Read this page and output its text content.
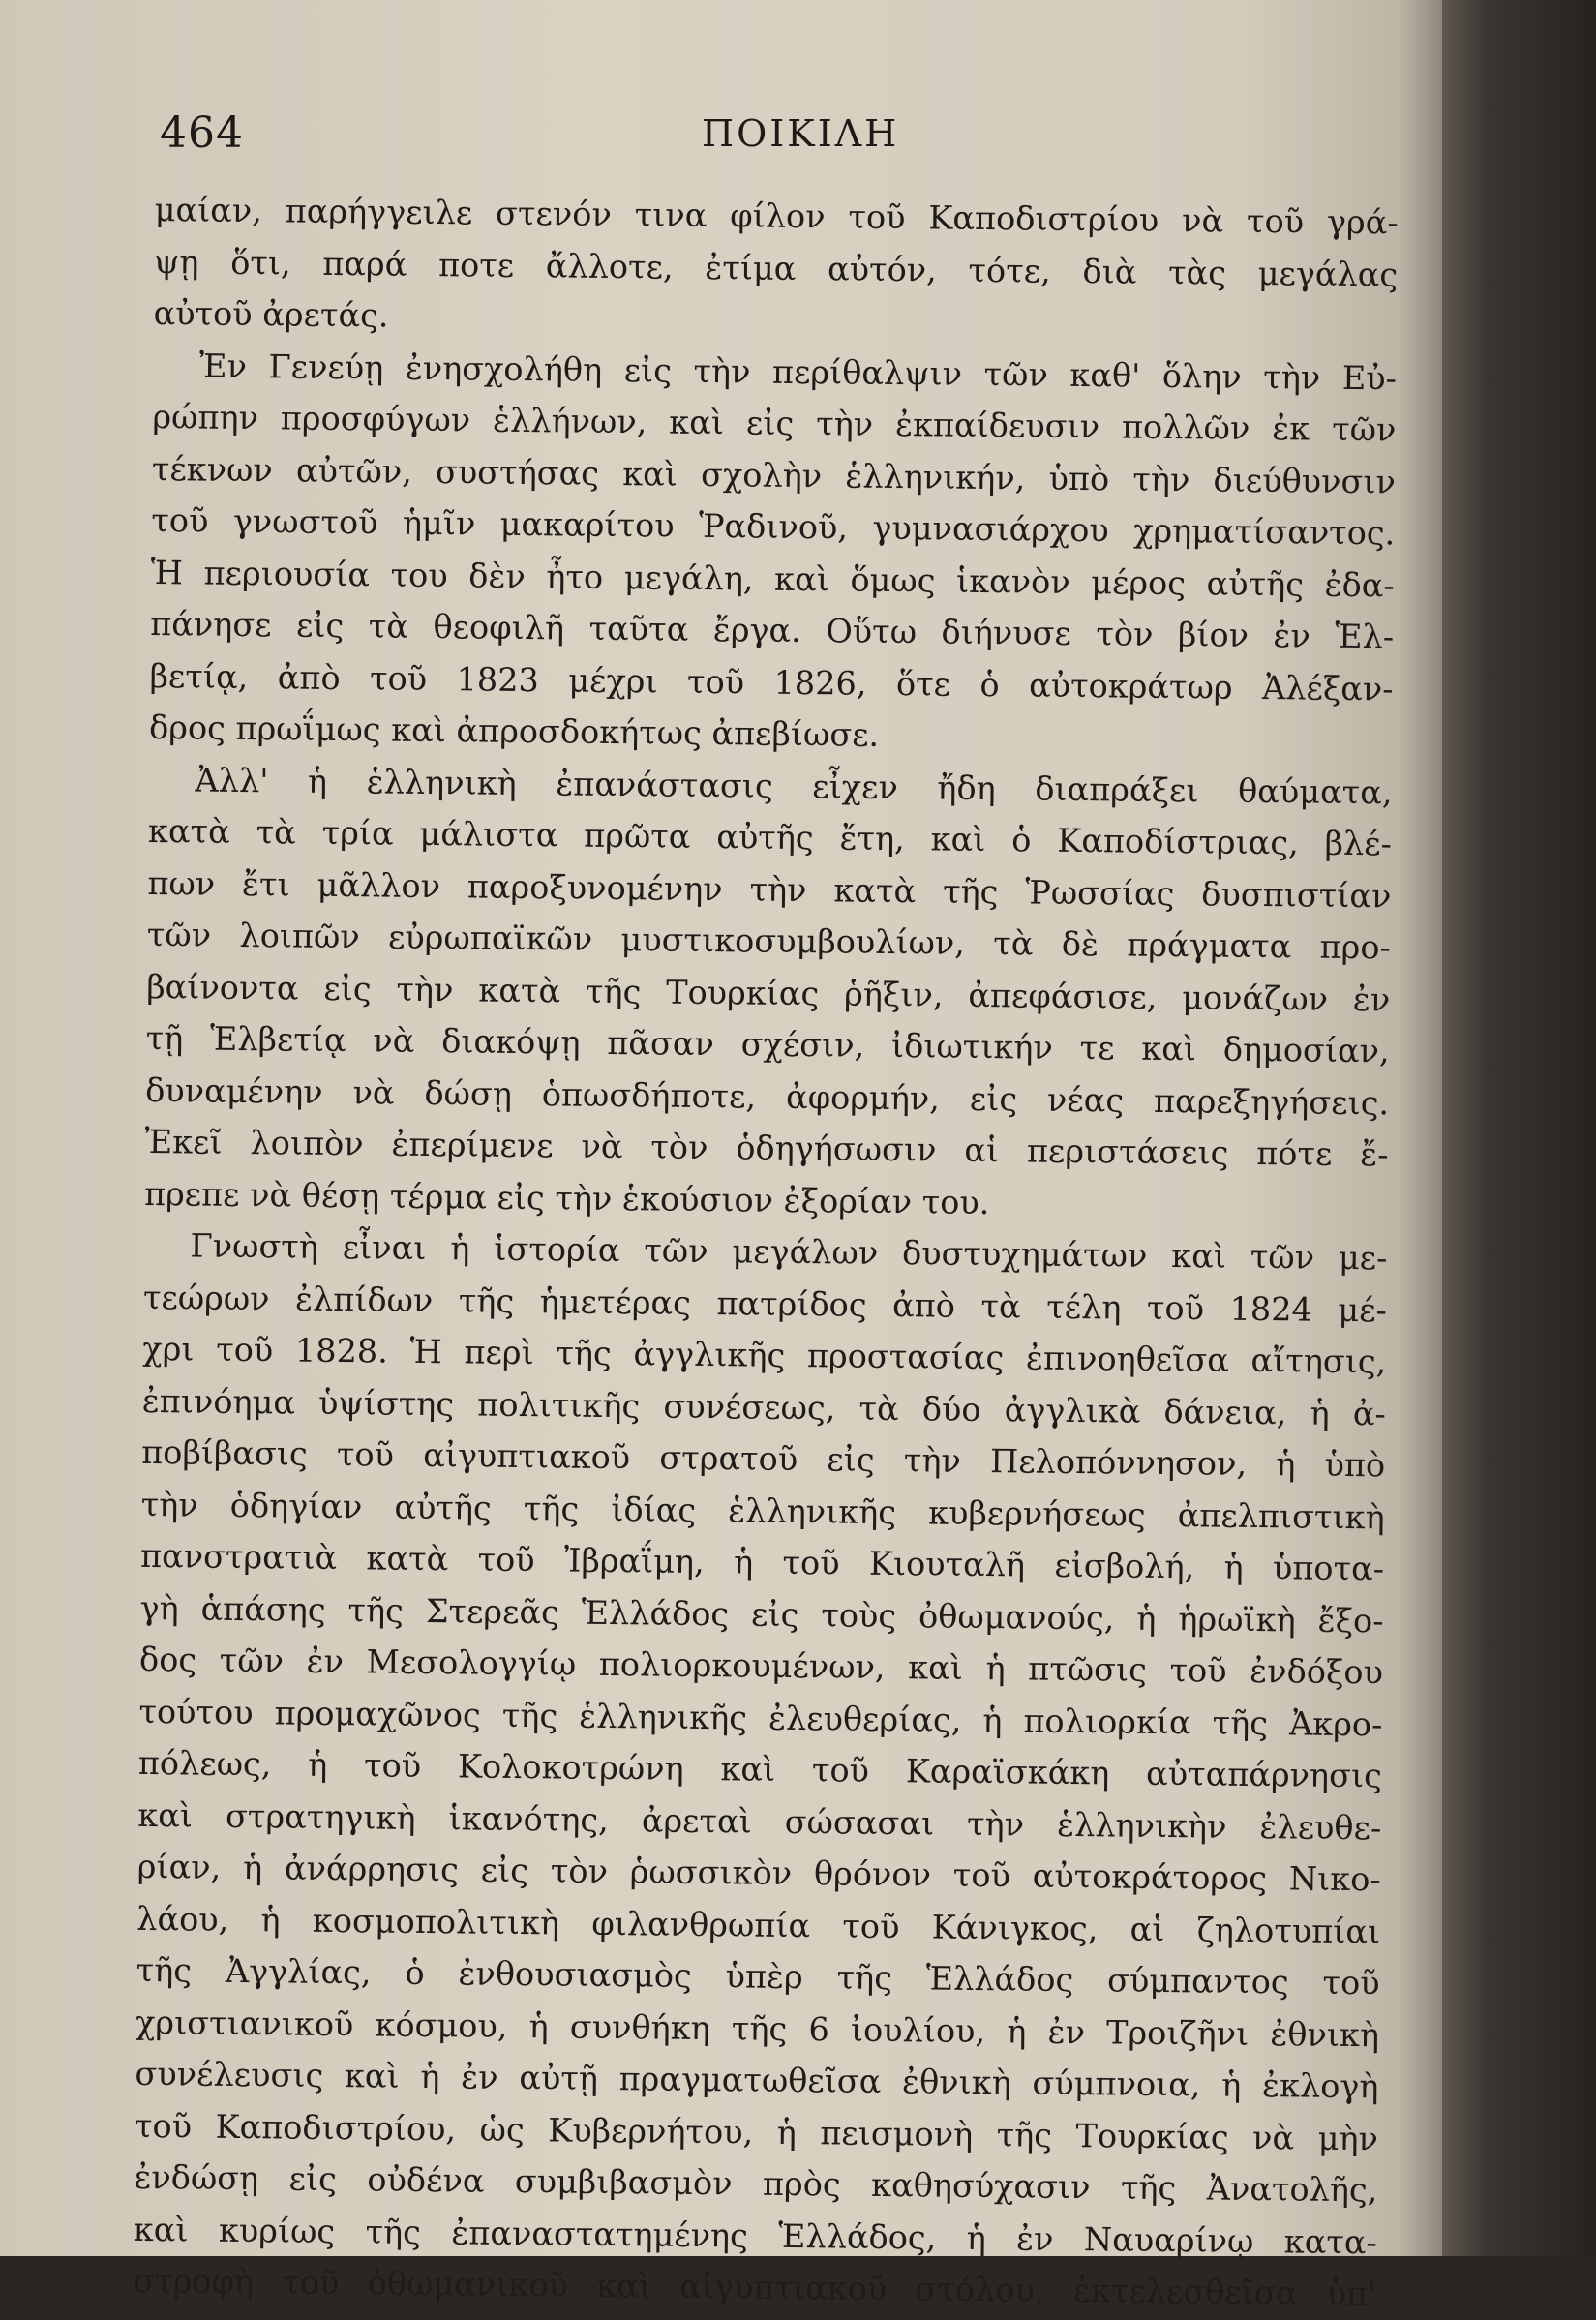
464	ΠΟΙΚΙΛΗ
μαίαν, παρήγγειλε στενόν τινα φίλον τοῦ Καποδιστρίου νὰ τοῦ γρά-
ψῃ ὅτι, παρά ποτε ἄλλοτε, ἐτίμα αὐτόν, τότε, διὰ τὰς μεγάλας
αὐτοῦ ἀρετάς.
Ἐν Γενεύῃ ἐνησχολήθη εἰς τὴν περίθαλψιν τῶν καθ' ὅλην τὴν Εὐ-
ρώπην προσφύγων ἑλλήνων, καὶ εἰς τὴν ἐκπαίδευσιν πολλῶν ἐκ τῶν
τέκνων αὐτῶν, συστήσας καὶ σχολὴν ἑλληνικήν, ὑπὸ τὴν διεύθυνσιν
τοῦ γνωστοῦ ἡμῖν μακαρίτου Ῥαδινοῦ, γυμνασιάρχου χρηματίσαντος.
Ἡ περιουσία του δὲν ἦτο μεγάλη, καὶ ὅμως ἱκανὸν μέρος αὐτῆς ἐδα-
πάνησε εἰς τὰ θεοφιλῆ ταῦτα ἔργα. Οὕτω διήνυσε τὸν βίον ἐν Ἑλ-
βετίᾳ, ἀπὸ τοῦ 1823 μέχρι τοῦ 1826, ὅτε ὁ αὐτοκράτωρ Ἀλέξαν-
δρος πρωΐμως καὶ ἀπροσδοκήτως ἀπεβίωσε.
Ἀλλ' ἡ ἑλληνικὴ ἐπανάστασις εἶχεν ἤδη διαπράξει θαύματα,
κατὰ τὰ τρία μάλιστα πρῶτα αὐτῆς ἔτη, καὶ ὁ Καποδίστριας, βλέ-
πων ἔτι μᾶλλον παροξυνομένην τὴν κατὰ τῆς Ῥωσσίας δυσπιστίαν
τῶν λοιπῶν εὐρωπαϊκῶν μυστικοσυμβουλίων, τὰ δὲ πράγματα προ-
βαίνοντα εἰς τὴν κατὰ τῆς Τουρκίας ῥῆξιν, ἀπεφάσισε, μονάζων ἐν
τῇ Ἑλβετίᾳ νὰ διακόψῃ πᾶσαν σχέσιν, ἰδιωτικήν τε καὶ δημοσίαν,
δυναμένην νὰ δώσῃ ὁπωσδήποτε, ἀφορμήν, εἰς νέας παρεξηγήσεις.
Ἐκεῖ λοιπὸν ἐπερίμενε νὰ τὸν ὁδηγήσωσιν αἱ περιστάσεις πότε ἔ-
πρεπε νὰ θέσῃ τέρμα εἰς τὴν ἑκούσιον ἐξορίαν του.
Γνωστὴ εἶναι ἡ ἱστορία τῶν μεγάλων δυστυχημάτων καὶ τῶν με-
τεώρων ἐλπίδων τῆς ἡμετέρας πατρίδος ἀπὸ τὰ τέλη τοῦ 1824 μέ-
χρι τοῦ 1828. Ἡ περὶ τῆς ἀγγλικῆς προστασίας ἐπινοηθεῖσα αἴτησις,
ἐπινόημα ὑψίστης πολιτικῆς συνέσεως, τὰ δύο ἀγγλικὰ δάνεια, ἡ ἀ-
ποβίβασις τοῦ αἰγυπτιακοῦ στρατοῦ εἰς τὴν Πελοπόννησον, ἡ ὑπὸ
τὴν ὁδηγίαν αὐτῆς τῆς ἰδίας ἑλληνικῆς κυβερνήσεως ἀπελπιστικὴ
πανστρατιὰ κατὰ τοῦ Ἰβραΐμη, ἡ τοῦ Κιουταλῆ εἰσβολή, ἡ ὑποτα-
γὴ ἁπάσης τῆς Στερεᾶς Ἑλλάδος εἰς τοὺς ὀθωμανούς, ἡ ἡρωϊκὴ ἔξο-
δος τῶν ἐν Μεσολογγίῳ πολιορκουμένων, καὶ ἡ πτῶσις τοῦ ἐνδόξου
τούτου προμαχῶνος τῆς ἑλληνικῆς ἐλευθερίας, ἡ πολιορκία τῆς Ἀκρο-
πόλεως, ἡ τοῦ Κολοκοτρώνη καὶ τοῦ Καραϊσκάκη αὐταπάρνησις
καὶ στρατηγικὴ ἱκανότης, ἀρεταὶ σώσασαι τὴν ἑλληνικὴν ἐλευθε-
ρίαν, ἡ ἀνάρρησις εἰς τὸν ῥωσσικὸν θρόνον τοῦ αὐτοκράτορος Νικο-
λάου, ἡ κοσμοπολιτικὴ φιλανθρωπία τοῦ Κάνιγκος, αἱ ζηλοτυπίαι
τῆς Ἀγγλίας, ὁ ἐνθουσιασμὸς ὑπὲρ τῆς Ἑλλάδος σύμπαντος τοῦ
χριστιανικοῦ κόσμου, ἡ συνθήκη τῆς 6 ἰουλίου, ἡ ἐν Τροιζῆνι ἐθνικὴ
συνέλευσις καὶ ἡ ἐν αὐτῇ πραγματωθεῖσα ἐθνικὴ σύμπνοια, ἡ ἐκλογὴ
τοῦ Καποδιστρίου, ὡς Κυβερνήτου, ἡ πεισμονὴ τῆς Τουρκίας νὰ μὴν
ἐνδώσῃ εἰς οὐδένα συμβιβασμὸν πρὸς καθησύχασιν τῆς Ἀνατολῆς,
καὶ κυρίως τῆς ἐπαναστατημένης Ἑλλάδος, ἡ ἐν Ναυαρίνῳ κατα-
στροφὴ τοῦ ὀθωμανικοῦ καὶ αἰγυπτιακοῦ στόλου, ἐκτελεσθεῖσα ὑπ'
